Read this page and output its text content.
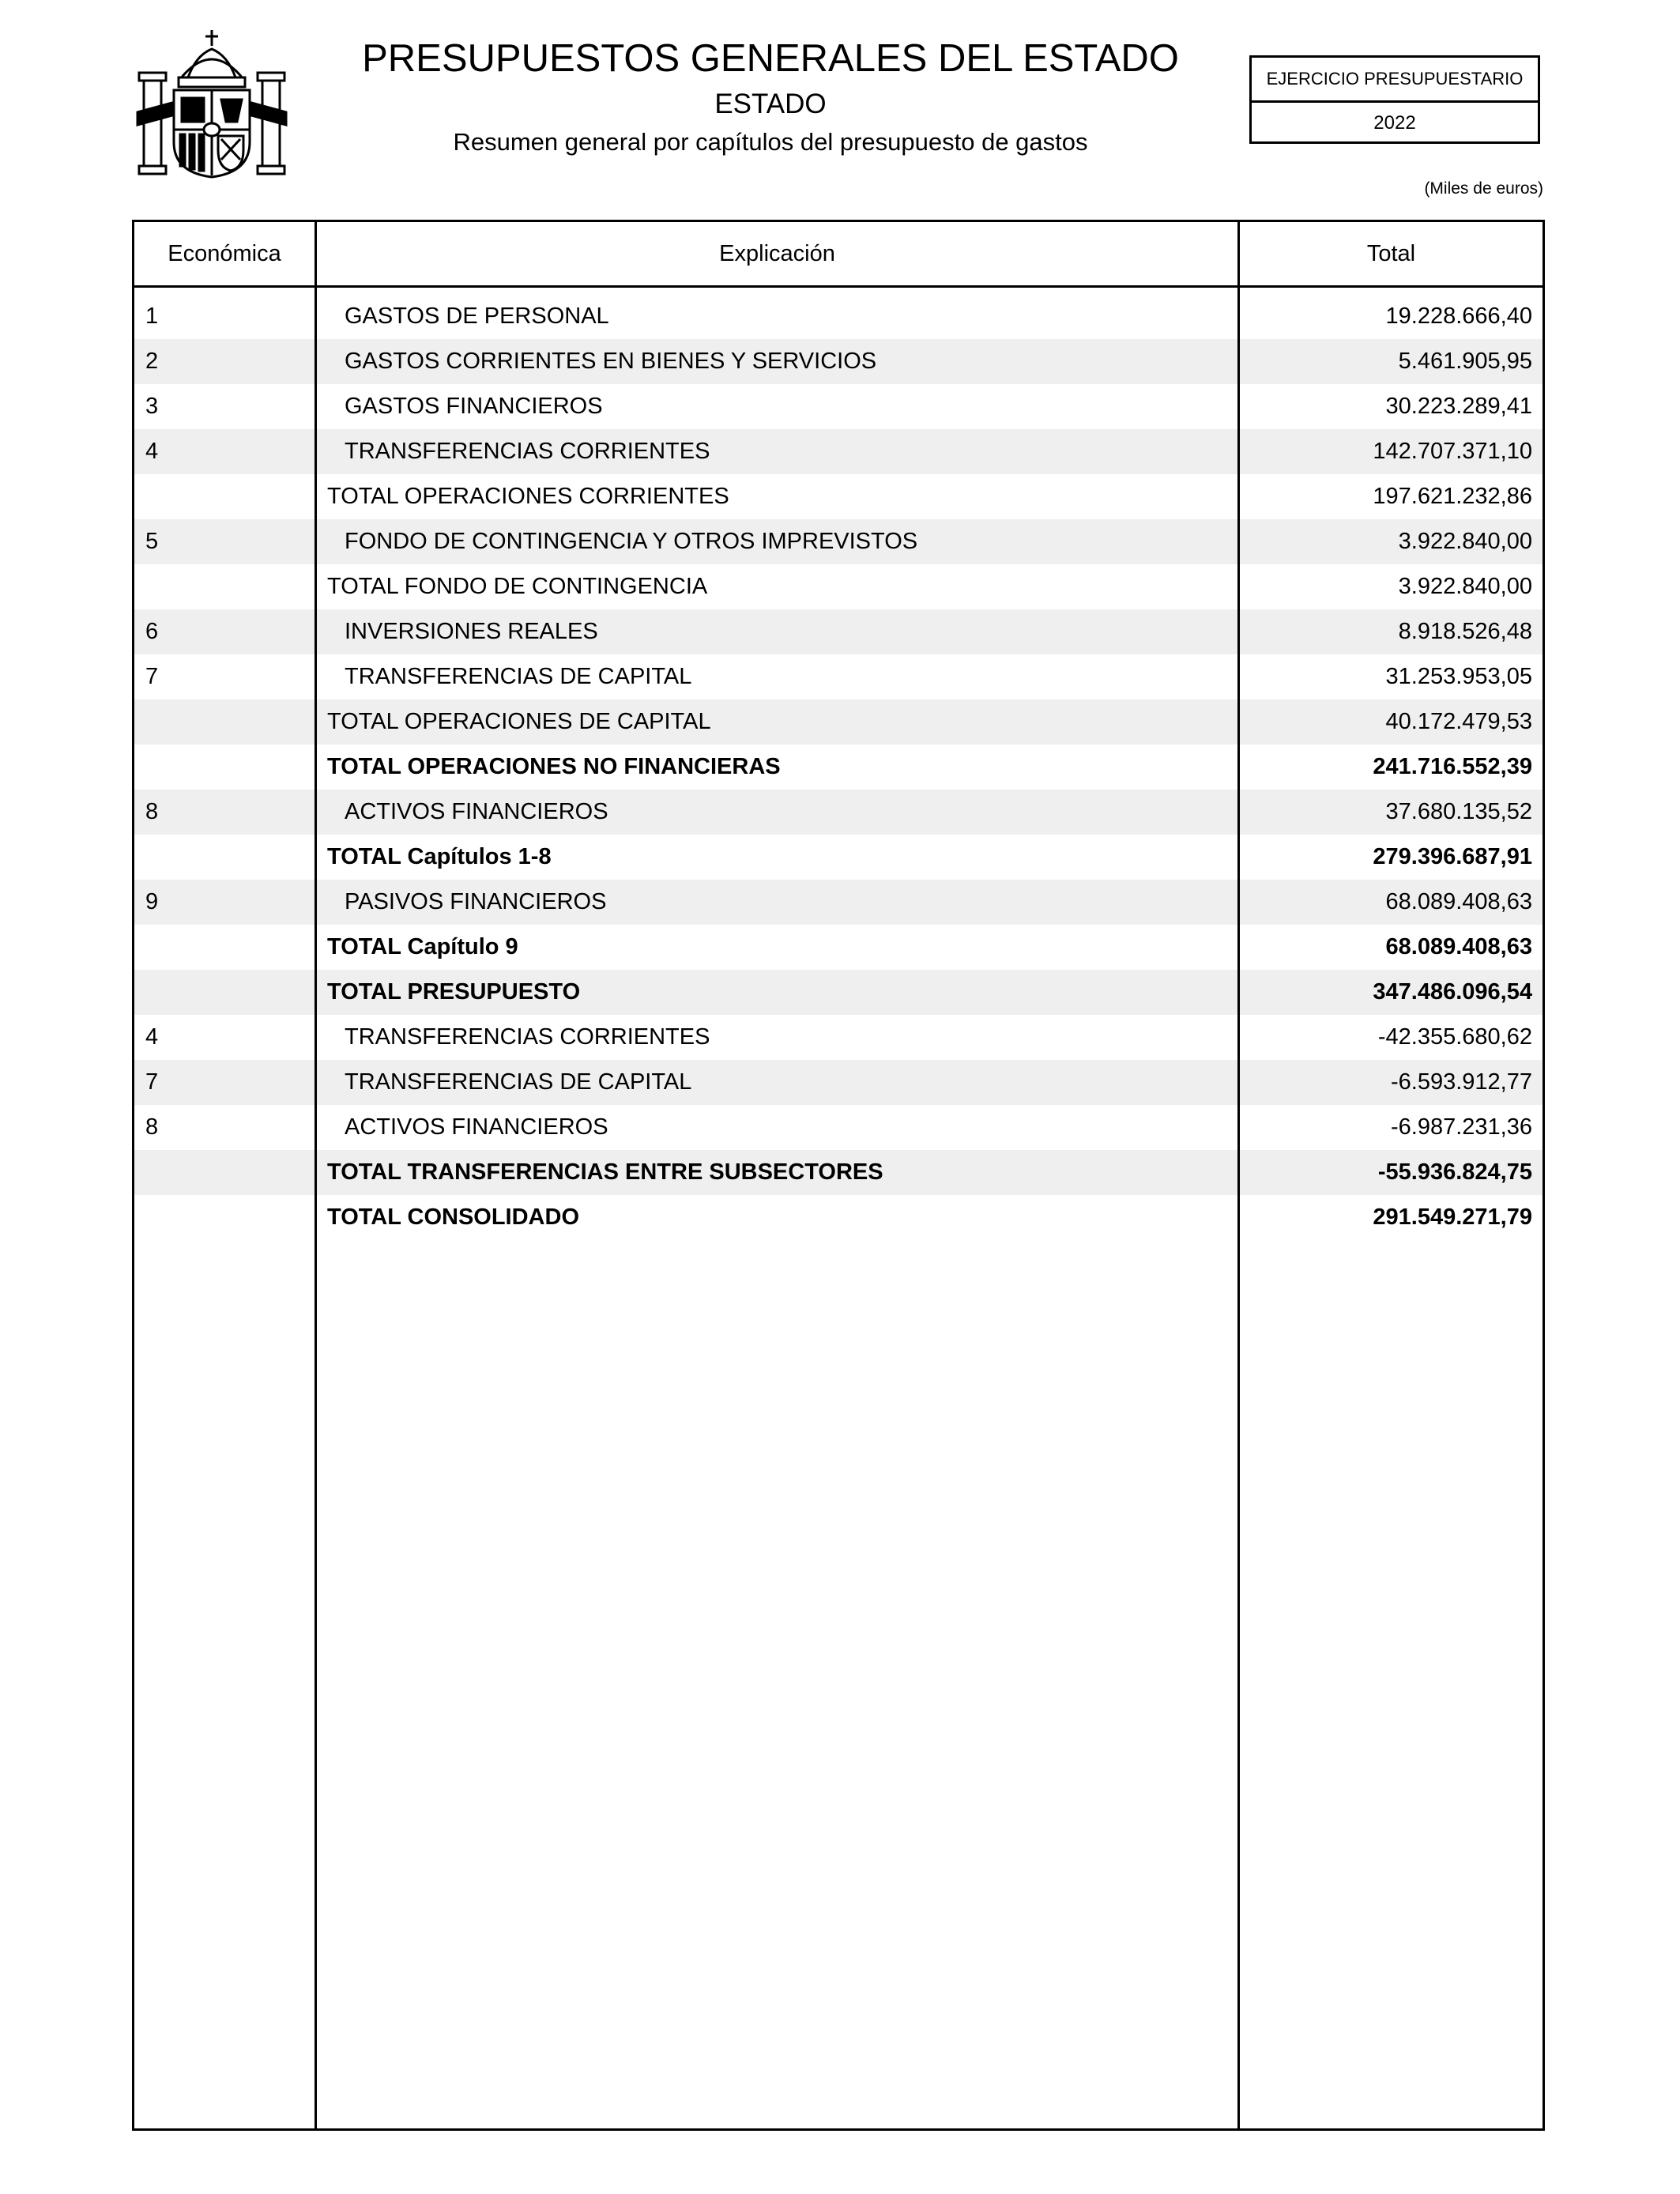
PRESUPUESTOS GENERALES DEL ESTADO
ESTADO
Resumen general por capítulos del presupuesto de gastos
EJERCICIO PRESUPUESTARIO
2022
(Miles de euros)
Económica	Explicación	Total
1	GASTOS DE PERSONAL	19.228.666,40
2	GASTOS CORRIENTES EN BIENES Y SERVICIOS	5.461.905,95
3	GASTOS FINANCIEROS	30.223.289,41
4	TRANSFERENCIAS CORRIENTES	142.707.371,10
TOTAL OPERACIONES CORRIENTES	197.621.232,86
5	FONDO DE CONTINGENCIA Y OTROS IMPREVISTOS	3.922.840,00
TOTAL FONDO DE CONTINGENCIA	3.922.840,00
6	INVERSIONES REALES	8.918.526,48
7	TRANSFERENCIAS DE CAPITAL	31.253.953,05
TOTAL OPERACIONES DE CAPITAL	40.172.479,53
TOTAL OPERACIONES NO FINANCIERAS	241.716.552,39
8	ACTIVOS FINANCIEROS	37.680.135,52
TOTAL Capítulos 1-8	279.396.687,91
9	PASIVOS FINANCIEROS	68.089.408,63
TOTAL Capítulo 9	68.089.408,63
TOTAL PRESUPUESTO	347.486.096,54
4	TRANSFERENCIAS CORRIENTES	-42.355.680,62
7	TRANSFERENCIAS DE CAPITAL	-6.593.912,77
8	ACTIVOS FINANCIEROS	-6.987.231,36
TOTAL TRANSFERENCIAS ENTRE SUBSECTORES	-55.936.824,75
TOTAL CONSOLIDADO	291.549.271,79
